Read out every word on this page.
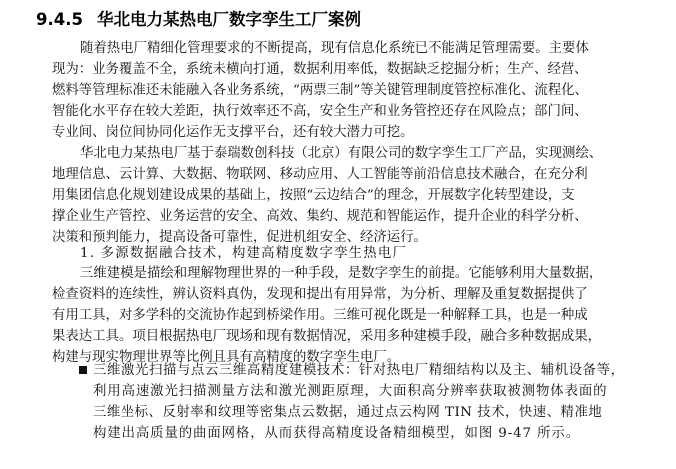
9.4.5 华北电力某热电厂数字孪生工厂案例
随着热电厂精细化管理要求的不断提高，现有信息化系统已不能满足管理需要。主要体
现为：业务覆盖不全，系统未横向打通，数据利用率低，数据缺乏挖掘分析；生产、经营、
燃料等管理标准还未能融入各业务系统，“两票三制”等关键管理制度管控标准化、流程化、
智能化水平存在较大差距，执行效率还不高，安全生产和业务管控还存在风险点；部门间、
专业间、岗位间协同化运作无支撑平台，还有较大潜力可挖。
华北电力某热电厂基于泰瑞数创科技（北京）有限公司的数字孪生工厂产品，实现测绘、
地理信息、云计算、大数据、物联网、移动应用、人工智能等前沿信息技术融合，在充分利
用集团信息化规划建设成果的基础上，按照“云边结合”的理念，开展数字化转型建设，支
撑企业生产管控、业务运营的安全、高效、集约、规范和智能运作，提升企业的科学分析、
决策和预判能力，提高设备可靠性，促进机组安全、经济运行。
1. 多源数据融合技术，构建高精度数字孪生热电厂
三维建模是描绘和理解物理世界的一种手段，是数字孪生的前提。它能够利用大量数据，
检查资料的连续性，辨认资料真伪，发现和提出有用异常，为分析、理解及重复数据提供了
有用工具，对多学科的交流协作起到桥梁作用。三维可视化既是一种解释工具，也是一种成
果表达工具。项目根据热电厂现场和现有数据情况，采用多种建模手段，融合多种数据成果，
构建与现实物理世界等比例且具有高精度的数字孪生电厂。
三维激光扫描与点云三维高精度建模技术：针对热电厂精细结构以及主、辅机设备等，
利用高速激光扫描测量方法和激光测距原理，大面积高分辨率获取被测物体表面的
三维坐标、反射率和纹理等密集点云数据，通过点云构网 TIN 技术，快速、精准地
构建出高质量的曲面网格，从而获得高精度设备精细模型，如图 9-47 所示。
